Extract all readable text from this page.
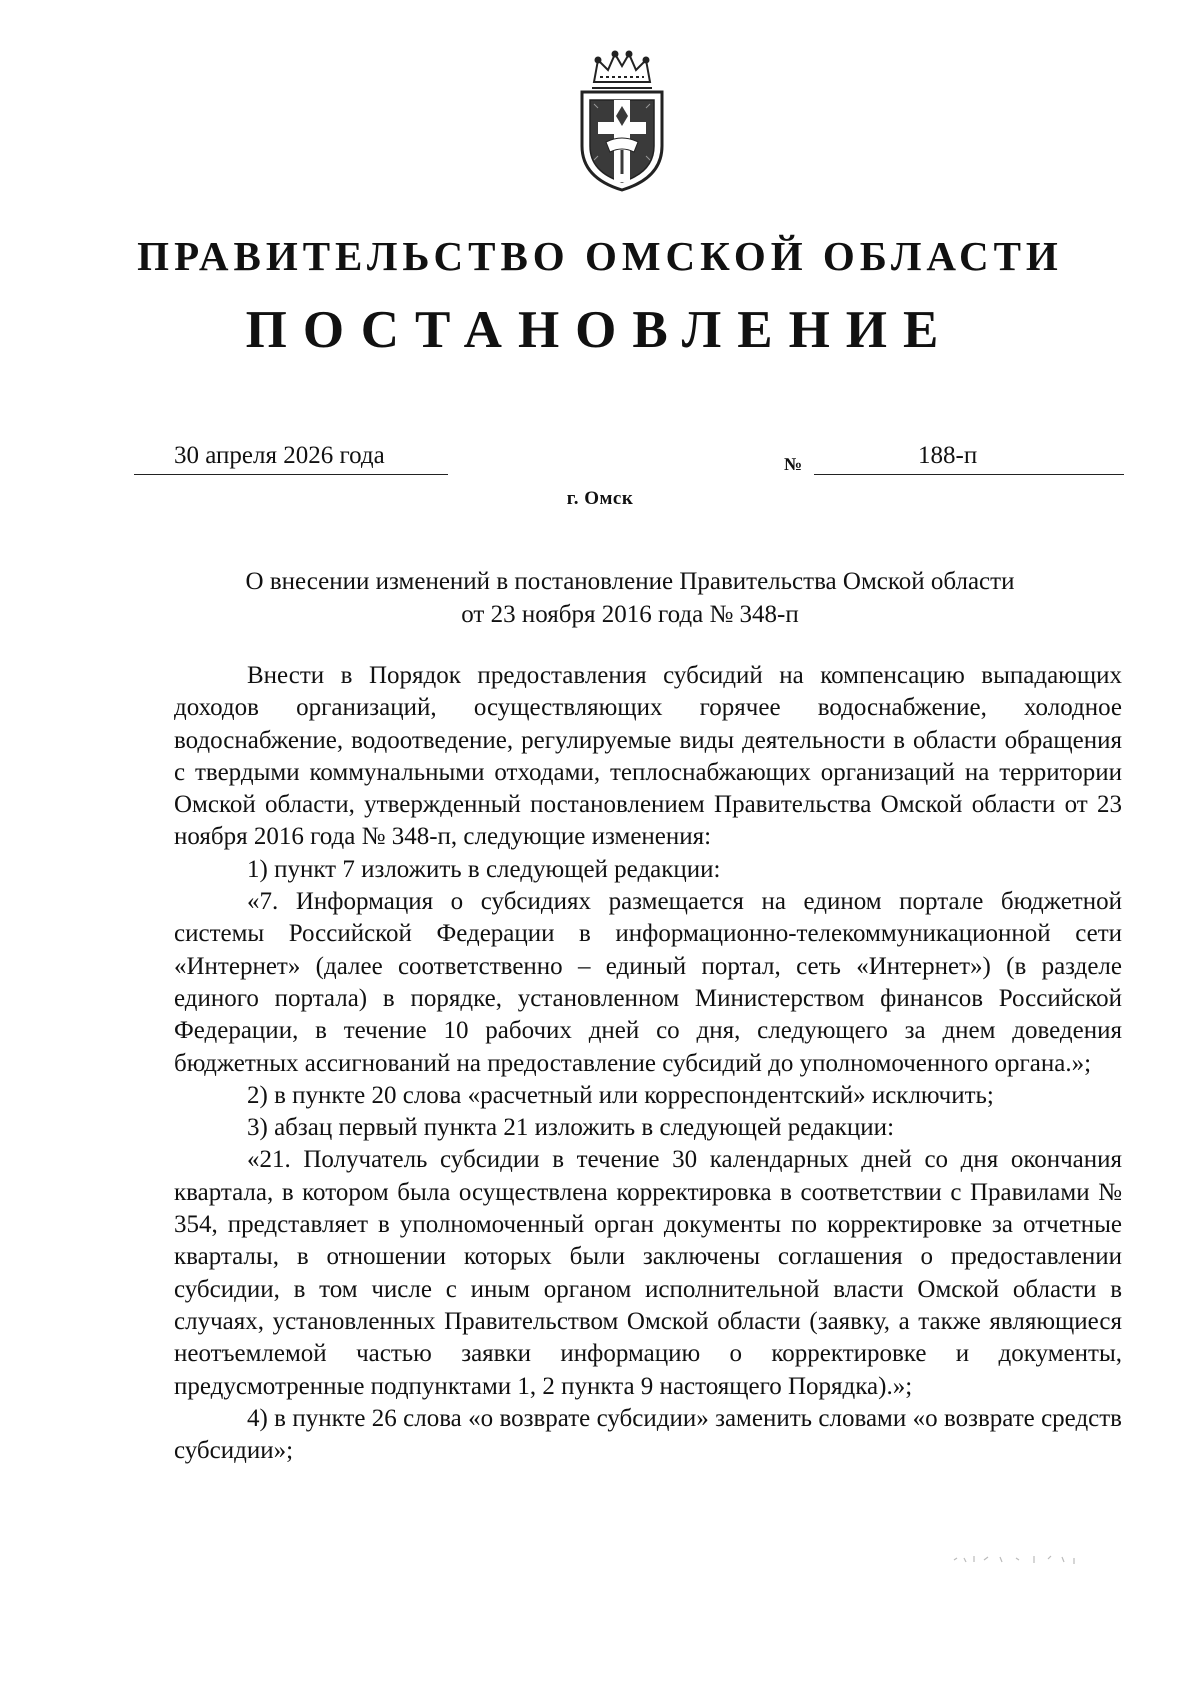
ПРАВИТЕЛЬСТВО ОМСКОЙ ОБЛАСТИ
ПОСТАНОВЛЕНИЕ
30 апреля 2026 года	№	188-п
г. Омск
О внесении изменений в постановление Правительства Омской области
от 23 ноября 2016 года № 348-п

Внести в Порядок предоставления субсидий на компенсацию выпадающих доходов организаций, осуществляющих горячее водоснабжение, холодное водоснабжение, водоотведение, регулируемые виды деятельности в области обращения с твердыми коммунальными отходами, теплоснабжающих организаций на территории Омской области, утвержденный постановлением Правительства Омской области от 23 ноября 2016 года № 348-п, следующие изменения:

1) пункт 7 изложить в следующей редакции:

«7. Информация о субсидиях размещается на едином портале бюджетной системы Российской Федерации в информационно-телекоммуникационной сети «Интернет» (далее соответственно – единый портал, сеть «Интернет») (в разделе единого портала) в порядке, установленном Министерством финансов Российской Федерации, в течение 10 рабочих дней со дня, следующего за днем доведения бюджетных ассигнований на предоставление субсидий до уполномоченного органа.»;

2) в пункте 20 слова «расчетный или корреспондентский» исключить;

3) абзац первый пункта 21 изложить в следующей редакции:

«21. Получатель субсидии в течение 30 календарных дней со дня окончания квартала, в котором была осуществлена корректировка в соответствии с Правилами № 354, представляет в уполномоченный орган документы по корректировке за отчетные кварталы, в отношении которых были заключены соглашения о предоставлении субсидии, в том числе с иным органом исполнительной власти Омской области в случаях, установленных Правительством Омской области (заявку, а также являющиеся неотъемлемой частью заявки информацию о корректировке и документы, предусмотренные подпунктами 1, 2 пункта 9 настоящего Порядка).»;

4) в пункте 26 слова «о возврате субсидии» заменить словами «о возврате средств субсидии»;
